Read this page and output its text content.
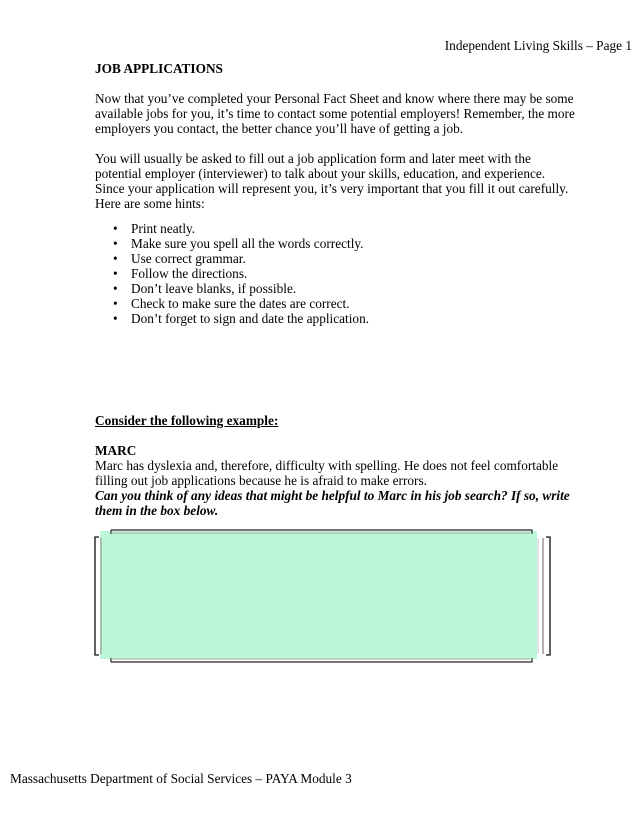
Independent Living Skills – Page 1
JOB APPLICATIONS

Now that you’ve completed your Personal Fact Sheet and know where there may be some available jobs for you, it’s time to contact some potential employers! Remember, the more employers you contact, the better chance you’ll have of getting a job.

You will usually be asked to fill out a job application form and later meet with the potential employer (interviewer) to talk about your skills, education, and experience. Since your application will represent you, it’s very important that you fill it out carefully. Here are some hints:

• Print neatly.
• Make sure you spell all the words correctly.
• Use correct grammar.
• Follow the directions.
• Don’t leave blanks, if possible.
• Check to make sure the dates are correct.
• Don’t forget to sign and date the application.
Consider the following example:
MARC

Marc has dyslexia and, therefore, difficulty with spelling. He does not feel comfortable filling out job applications because he is afraid to make errors.

Can you think of any ideas that might be helpful to Marc in his job search? If so, write them in the box below.

Massachusetts Department of Social Services – PAYA Module 3
